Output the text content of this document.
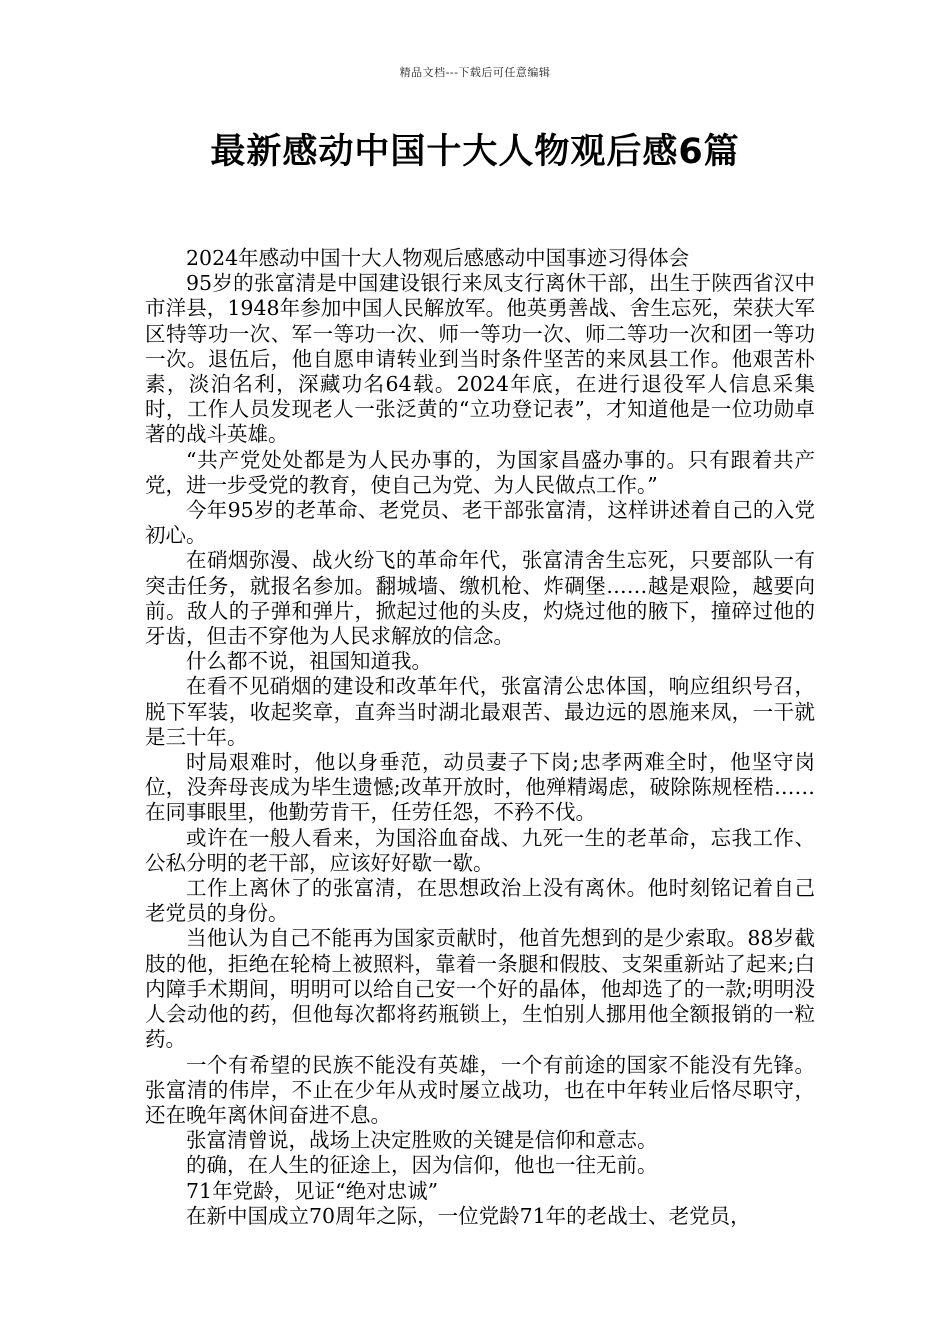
精品文档---下载后可任意编辑
最新感动中国十大人物观后感6篇

2024年感动中国十大人物观后感感动中国事迹习得体会

95岁的张富清是中国建设银行来凤支行离休干部，出生于陕西省汉中市洋县，1948年参加中国人民解放军。他英勇善战、舍生忘死，荣获大军区特等功一次、军一等功一次、师一等功一次、师二等功一次和团一等功一次。退伍后，他自愿申请转业到当时条件坚苦的来凤县工作。他艰苦朴素，淡泊名利，深藏功名64载。2024年底，在进行退役军人信息采集时，工作人员发现老人一张泛黄的“立功登记表”，才知道他是一位功勋卓著的战斗英雄。

“共产党处处都是为人民办事的，为国家昌盛办事的。只有跟着共产党，进一步受党的教育，使自己为党、为人民做点工作。”

今年95岁的老革命、老党员、老干部张富清，这样讲述着自己的入党初心。

在硝烟弥漫、战火纷飞的革命年代，张富清舍生忘死，只要部队一有突击任务，就报名参加。翻城墙、缴机枪、炸碉堡……越是艰险，越要向前。敌人的子弹和弹片，掀起过他的头皮，灼烧过他的腋下，撞碎过他的牙齿，但击不穿他为人民求解放的信念。

什么都不说，祖国知道我。

在看不见硝烟的建设和改革年代，张富清公忠体国，响应组织号召，脱下军装，收起奖章，直奔当时湖北最艰苦、最边远的恩施来凤，一干就是三十年。

时局艰难时，他以身垂范，动员妻子下岗;忠孝两难全时，他坚守岗位，没奔母丧成为毕生遗憾;改革开放时，他殚精竭虑，破除陈规桎梏……在同事眼里，他勤劳肯干，任劳任怨，不矜不伐。

或许在一般人看来，为国浴血奋战、九死一生的老革命，忘我工作、公私分明的老干部，应该好好歇一歇。

工作上离休了的张富清，在思想政治上没有离休。他时刻铭记着自己老党员的身份。

当他认为自己不能再为国家贡献时，他首先想到的是少索取。88岁截肢的他，拒绝在轮椅上被照料，靠着一条腿和假肢、支架重新站了起来;白内障手术期间，明明可以给自己安一个好的晶体，他却选了的一款;明明没人会动他的药，但他每次都将药瓶锁上，生怕别人挪用他全额报销的一粒药。

一个有希望的民族不能没有英雄，一个有前途的国家不能没有先锋。张富清的伟岸，不止在少年从戎时屡立战功，也在中年转业后恪尽职守，还在晚年离休间奋进不息。

张富清曾说，战场上决定胜败的关键是信仰和意志。

的确，在人生的征途上，因为信仰，他也一往无前。

71年党龄，见证“绝对忠诚”

在新中国成立70周年之际，一位党龄71年的老战士、老党员，
